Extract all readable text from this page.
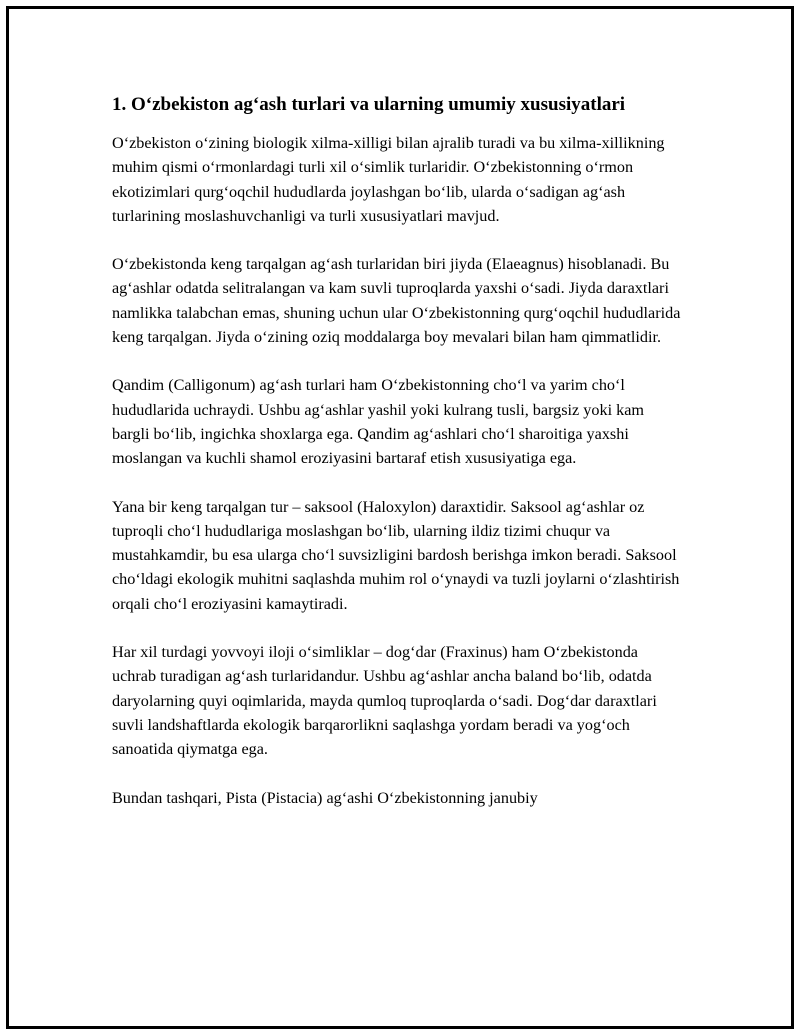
1. O‘zbekiston ag‘ash turlari va ularning umumiy xususiyatlari

O‘zbekiston o‘zining biologik xilma-xilligi bilan ajralib turadi va bu xilma-xillikning muhim qismi o‘rmonlardagi turli xil o‘simlik turlaridir. O‘zbekistonning o‘rmon ekotizimlari qurg‘oqchil hududlarda joylashgan bo‘lib, ularda o‘sadigan ag‘ash turlarining moslashuvchanligi va turli xususiyatlari mavjud.

O‘zbekistonda keng tarqalgan ag‘ash turlaridan biri jiyda (Elaeagnus) hisoblanadi. Bu ag‘ashlar odatda selitralangan va kam suvli tuproqlarda yaxshi o‘sadi. Jiyda daraxtlari namlikka talabchan emas, shuning uchun ular O‘zbekistonning qurg‘oqchil hududlarida keng tarqalgan. Jiyda o‘zining oziq moddalarga boy mevalari bilan ham qimmatlidir.

Qandim (Calligonum) ag‘ash turlari ham O‘zbekistonning cho‘l va yarim cho‘l hududlarida uchraydi. Ushbu ag‘ashlar yashil yoki kulrang tusli, bargsiz yoki kam bargli bo‘lib, ingichka shoxlarga ega. Qandim ag‘ashlari cho‘l sharoitiga yaxshi moslangan va kuchli shamol eroziyasini bartaraf etish xususiyatiga ega.

Yana bir keng tarqalgan tur – saksool (Haloxylon) daraxtidir. Saksool ag‘ashlar oz tuproqli cho‘l hududlariga moslashgan bo‘lib, ularning ildiz tizimi chuqur va mustahkamdir, bu esa ularga cho‘l suvsizligini bardosh berishga imkon beradi. Saksool cho‘ldagi ekologik muhitni saqlashda muhim rol o‘ynaydi va tuzli joylarni o‘zlashtirish orqali cho‘l eroziyasini kamaytiradi.

Har xil turdagi yovvoyi iloji o‘simliklar – dog‘dar (Fraxinus) ham O‘zbekistonda uchrab turadigan ag‘ash turlaridandur. Ushbu ag‘ashlar ancha baland bo‘lib, odatda daryolarning quyi oqimlarida, mayda qumloq tuproqlarda o‘sadi. Dog‘dar daraxtlari suvli landshaftlarda ekologik barqarorlikni saqlashga yordam beradi va yog‘och sanoatida qiymatga ega.

Bundan tashqari, Pista (Pistacia) ag‘ashi O‘zbekistonning janubiy
